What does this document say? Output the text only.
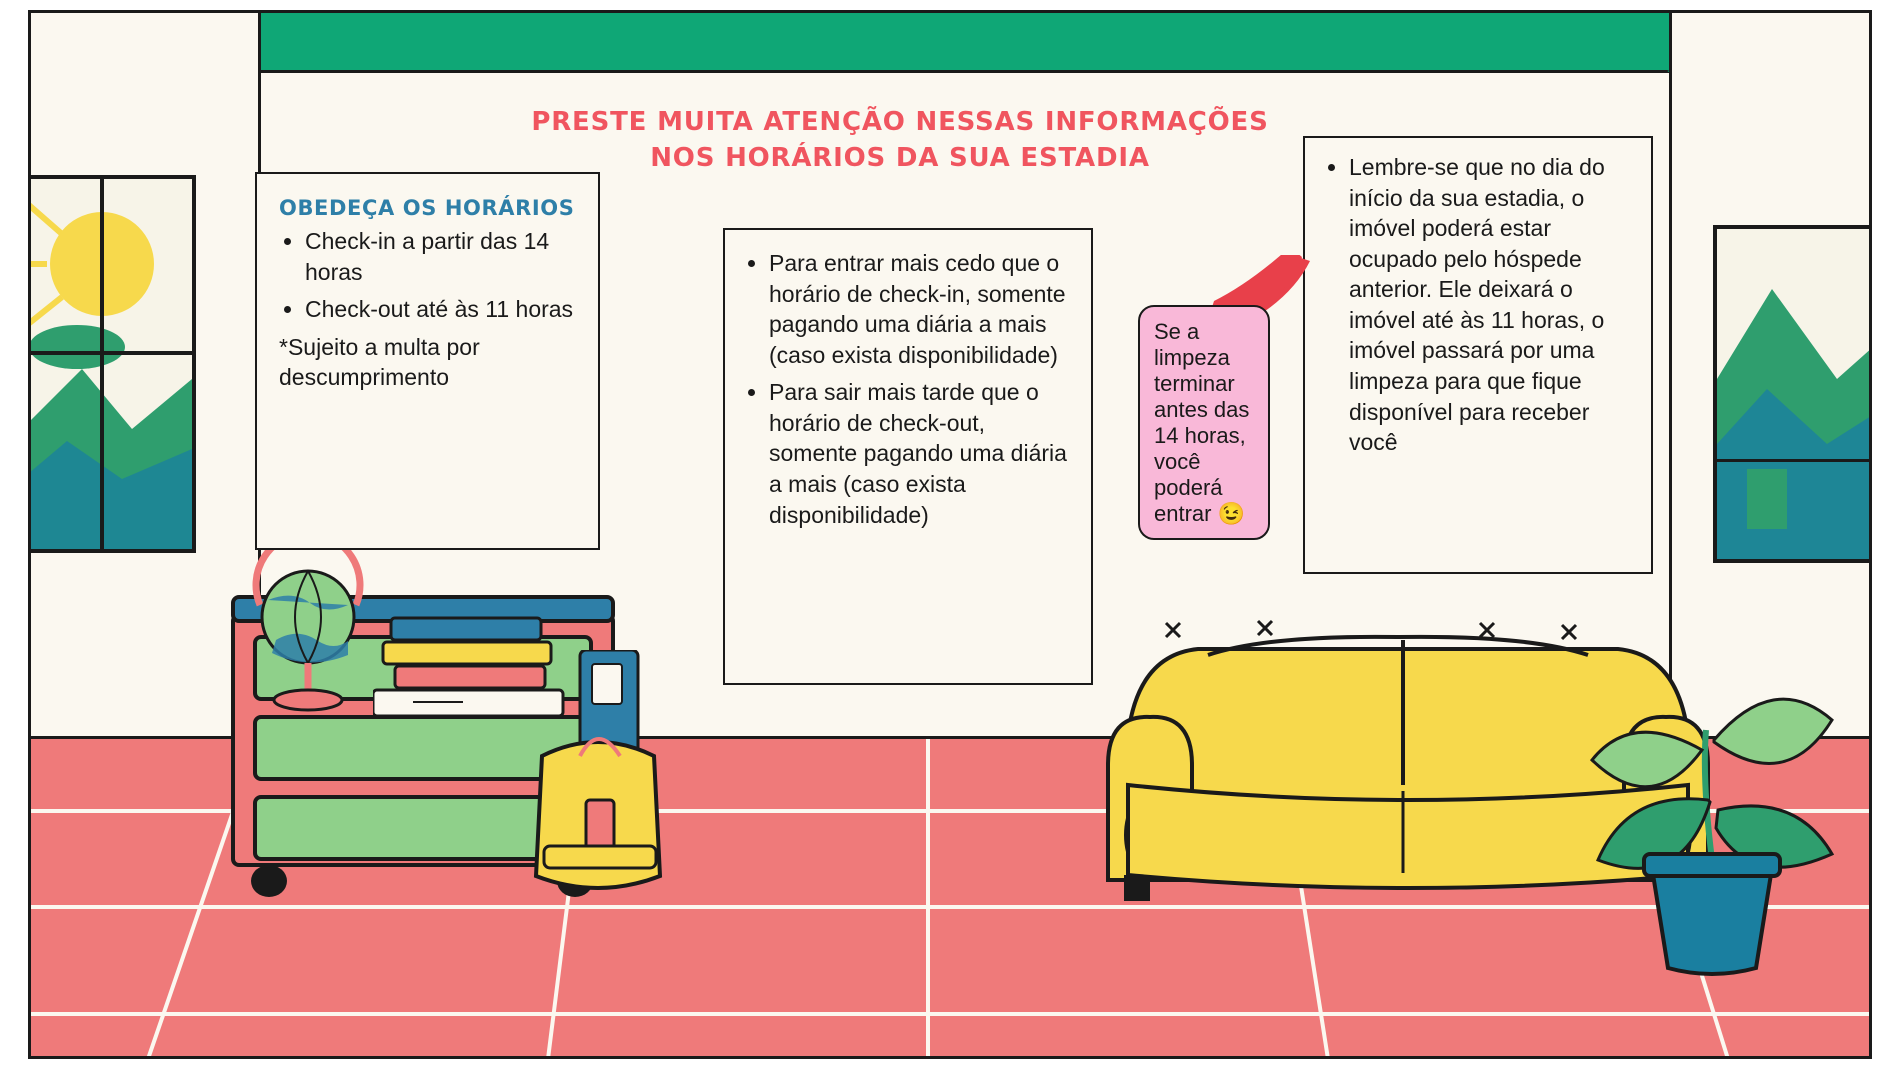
PRESTE MUITA ATENÇÃO NESSAS INFORMAÇÕES
NOS HORÁRIOS DA SUA ESTADIA
OBEDEÇA OS HORÁRIOS
• Check-in a partir das 14 horas
• Check-out até às 11 horas
*Sujeito a multa por descumprimento
• Para entrar mais cedo que o horário de check-in, somente pagando uma diária a mais (caso exista disponibilidade)
• Para sair mais tarde que o horário de check-out, somente pagando uma diária a mais (caso exista disponibilidade)
• Lembre-se que no dia do início da sua estadia, o imóvel poderá estar ocupado pelo hóspede anterior. Ele deixará o imóvel até às 11 horas, o imóvel passará por uma limpeza para que fique disponível para receber você
Se a limpeza terminar antes das 14 horas, você poderá entrar 😉
